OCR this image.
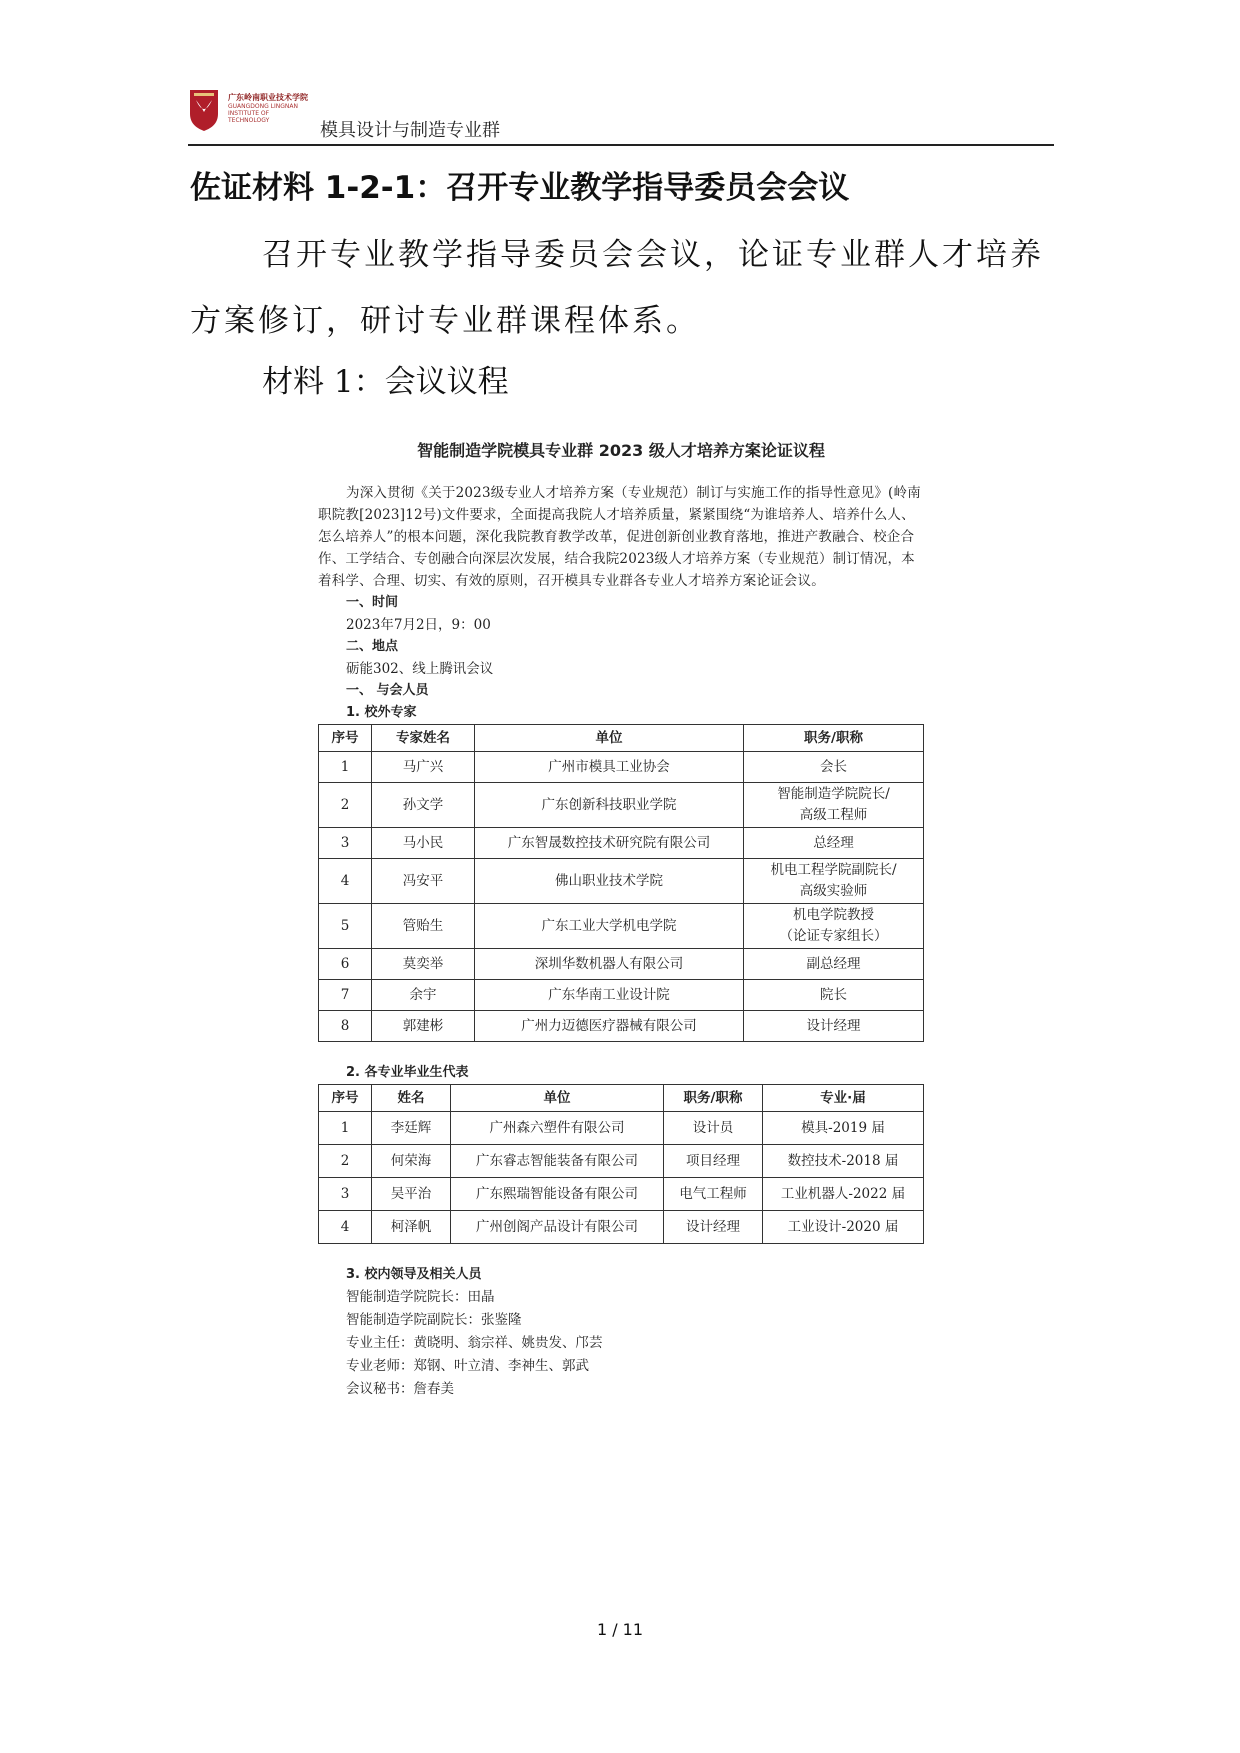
广东岭南职业技术学院
GUANGDONG LINGNAN INSTITUTE OF TECHNOLOGY	模具设计与制造专业群
佐证材料 1-2-1：召开专业教学指导委员会会议
召开专业教学指导委员会会议，论证专业群人才培养方案修订，研讨专业群课程体系。
材料 1：会议议程
智能制造学院模具专业群 2023 级人才培养方案论证议程

为深入贯彻《关于2023级专业人才培养方案（专业规范）制订与实施工作的指导性意见》(岭南职院教[2023]12号)文件要求，全面提高我院人才培养质量，紧紧围绕“为谁培养人、培养什么人、怎么培养人”的根本问题，深化我院教育教学改革，促进创新创业教育落地，推进产教融合、校企合作、工学结合、专创融合向深层次发展，结合我院2023级人才培养方案（专业规范）制订情况，本着科学、合理、切实、有效的原则，召开模具专业群各专业人才培养方案论证会议。

一、时间
2023年7月2日，9：00
二、地点
砺能302、线上腾讯会议
一、 与会人员
1. 校外专家
序号	专家姓名	单位	职务/职称
1	马广兴	广州市模具工业协会	会长
2	孙文学	广东创新科技职业学院	智能制造学院院长/
高级工程师
3	马小民	广东智晟数控技术研究院有限公司	总经理
4	冯安平	佛山职业技术学院	机电工程学院副院长/
高级实验师
5	管贻生	广东工业大学机电学院	机电学院教授
（论证专家组长）
6	莫奕举	深圳华数机器人有限公司	副总经理
7	余宇	广东华南工业设计院	院长
8	郭建彬	广州力迈德医疗器械有限公司	设计经理
2. 各专业毕业生代表
序号	姓名	单位	职务/职称	专业·届
1	李廷辉	广州森六塑件有限公司	设计员	模具-2019 届
2	何荣海	广东睿志智能装备有限公司	项目经理	数控技术-2018 届
3	吴平治	广东熙瑞智能设备有限公司	电气工程师	工业机器人-2022 届
4	柯泽帆	广州创阁产品设计有限公司	设计经理	工业设计-2020 届
3. 校内领导及相关人员
智能制造学院院长：田晶
智能制造学院副院长：张鉴隆
专业主任：黄晓明、翁宗祥、姚贵发、邝芸
专业老师：郑钢、叶立清、李神生、郭武
会议秘书：詹春美
1 / 11
